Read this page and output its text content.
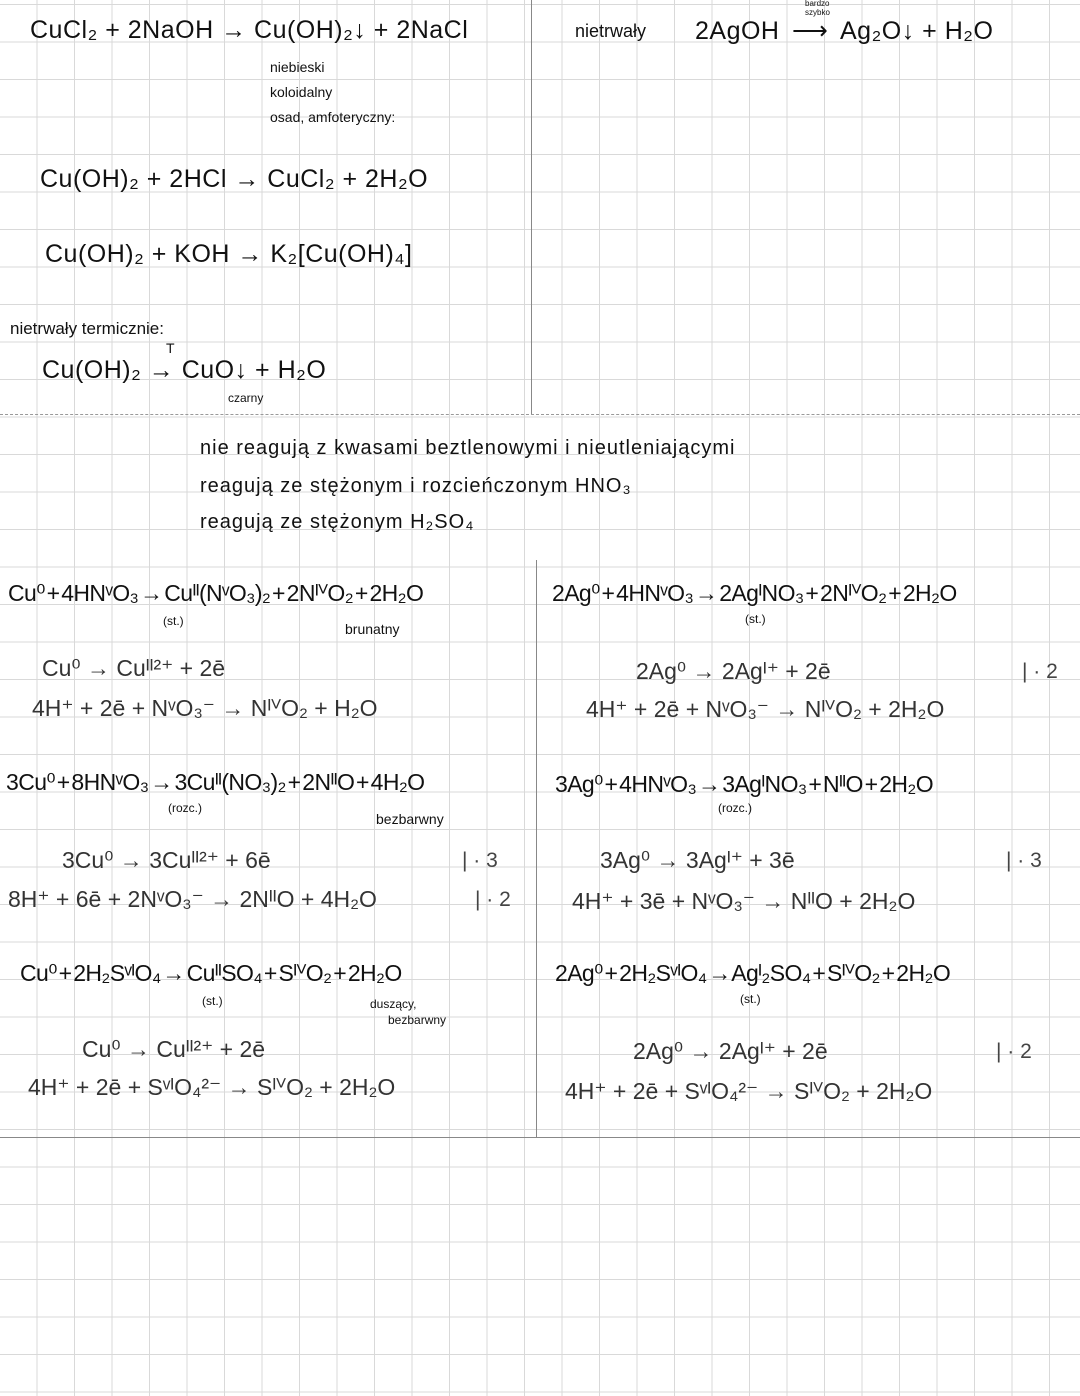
CuCl₂ + 2NaOH → Cu(OH)₂↓ + 2NaCl
niebieski
koloidalny
osad, amfoteryczny:
Cu(OH)₂ + 2HCl → CuCl₂ + 2H₂O
Cu(OH)₂ + KOH → K₂[Cu(OH)₄]
nietrwały termicznie:
Cu(OH)₂ → CuO↓ + H₂O
T
czarny
nietrwały 2AgOH
bardzo
szybko
⟶ Ag₂O↓ + H₂O
nie reagują z kwasami beztlenowymi i nieutleniającymi
reagują ze stężonym i rozcieńczonym HNO₃
reagują ze stężonym H₂SO₄
Cu⁰ + 4HNᵛO₃ → Cuᴵᴵ(NᵛO₃)₂ + 2NᴵⱽO₂ + 2H₂O
(st.)	brunatny
Cu⁰ → Cuᴵᴵ²⁺ + 2ē
4H⁺ + 2ē + NᵛO₃⁻ → NᴵⱽO₂ + H₂O
3Cu⁰ + 8HNᵛO₃ → 3Cuᴵᴵ(NO₃)₂ + 2NᴵᴵO + 4H₂O
(rozc.)
bezbarwny
3Cu⁰ → 3Cuᴵᴵ²⁺ + 6ē	| · 3
8H⁺ + 6ē + 2NᵛO₃⁻ → 2NᴵᴵO + 4H₂O	| · 2
Cu⁰ + 2H₂SᵛᴵO₄ → CuᴵᴵSO₄ + SᴵⱽO₂ + 2H₂O
(st.)	duszący,
bezbarwny
Cu⁰ → Cuᴵᴵ²⁺ + 2ē
4H⁺ + 2ē + SᵛᴵO₄²⁻ → SᴵⱽO₂ + 2H₂O
2Ag⁰ + 4HNᵛO₃ → 2AgᴵNO₃ + 2NᴵⱽO₂ + 2H₂O
(st.)
2Ag⁰ → 2Agᴵ⁺ + 2ē	| · 2
4H⁺ + 2ē + NᵛO₃⁻ → NᴵⱽO₂ + 2H₂O
3Ag⁰ + 4HNᵛO₃ → 3AgᴵNO₃ + NᴵᴵO + 2H₂O
(rozc.)
3Ag⁰ → 3Agᴵ⁺ + 3ē	| · 3
4H⁺ + 3ē + NᵛO₃⁻ → NᴵᴵO + 2H₂O
2Ag⁰ + 2H₂SᵛᴵO₄ → Agᴵ₂SO₄ + SᴵⱽO₂ + 2H₂O
(st.)
2Ag⁰ → 2Agᴵ⁺ + 2ē	| · 2
4H⁺ + 2ē + SᵛᴵO₄²⁻ → SᴵⱽO₂ + 2H₂O
